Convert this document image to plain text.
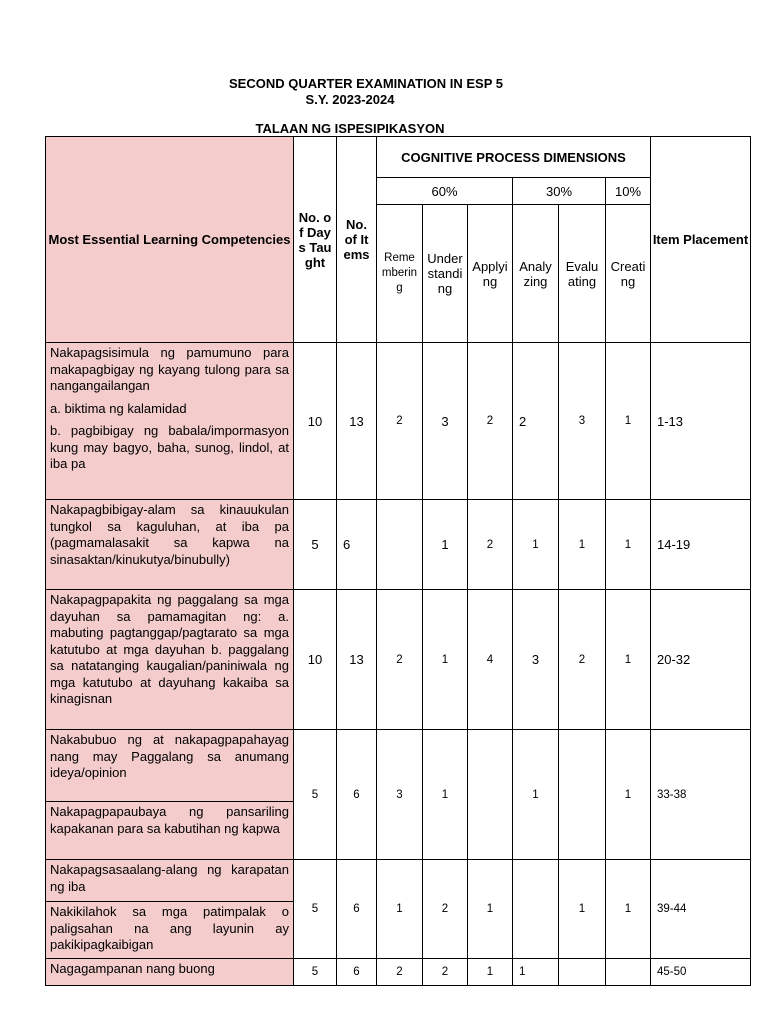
SECOND QUARTER EXAMINATION IN ESP 5
S.Y. 2023-2024
TALAAN NG ISPESIPIKASYON
Most Essential Learning Competencies	No. of Days Taught	No. of Items	COGNITIVE PROCESS DIMENSIONS						Item Placement
			60%			30%		10%	
			Remembering	Understanding	Applying	Analyzing	Evaluating	Creating	

Nakapagsisimula ng pamumuno para makapagbigay ng kayang tulong para sa nangangailangan

a. biktima ng kalamidad

b. pagbibigay ng babala/impormasyon kung may bagyo, baha, sunog, lindol, at iba pa	10	13	2	3	2	2	3	1	1-13

Nakapagbibigay-alam sa kinauukulan tungkol sa kaguluhan, at iba pa (pagmamalasakit sa kapwa na sinasaktan/kinukutya/binubully)	5	6		1	2	1	1	1	14-19

Nakapagpapakita ng paggalang sa mga dayuhan sa pamamagitan ng: a. mabuting pagtanggap/pagtarato sa mga katutubo at mga dayuhan b. paggalang sa natatanging kaugalian/paniniwala ng mga katutubo at dayuhang kakaiba sa kinagisnan	10	13	2	1	4	3	2	1	20-32

Nakabubuo ng at nakapagpapahayag nang may Paggalang sa anumang ideya/opinion	5	6	3	1		1		1	33-38

Nakapagpapaubaya ng pansariling kapakanan para sa kabutihan ng kapwa									

Nakapagsasaalang-alang ng karapatan ng iba	5	6	1	2	1		1	1	39-44

Nakikilahok sa mga patimpalak o paligsahan na ang layunin ay pakikipagkaibigan									

Nagagampanan nang buong	5	6	2	2	1	1			45-50
